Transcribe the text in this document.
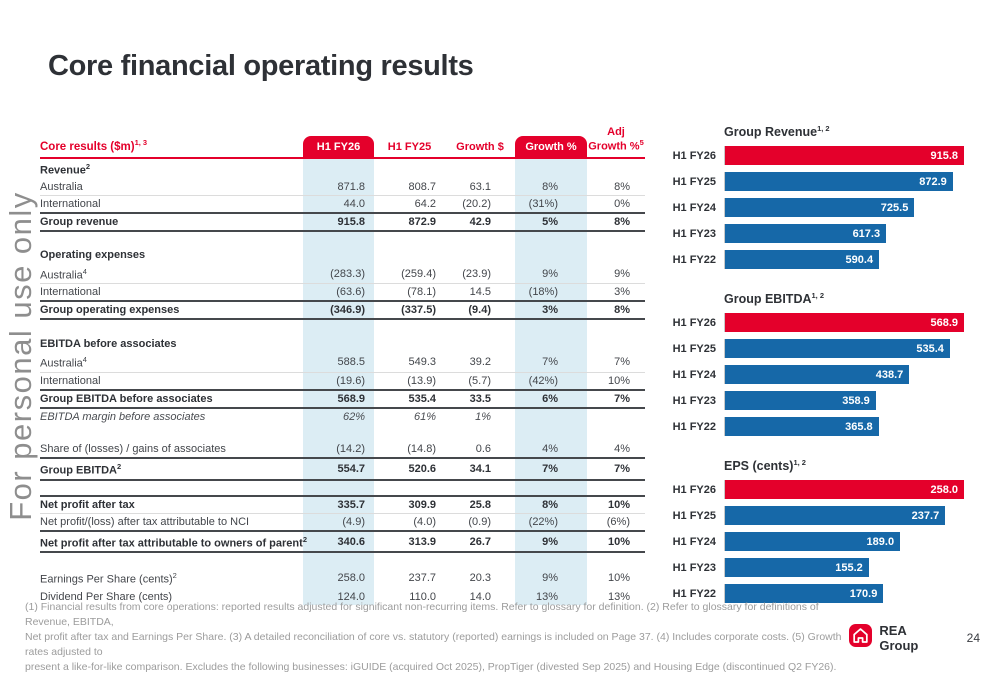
For personal use only
Core financial operating results
Core results ($m)$^{1, 3}$	H1 FY26	H1 FY25	Growth $	Growth %	Adj Growth %$^5$
Revenue$^2$					
Australia	871.8	808.7	63.1	8%	8%
International	44.0	64.2	(20.2)	(31%)	0%
Group revenue	915.8	872.9	42.9	5%	8%

Operating expenses					
Australia$^4$	(283.3)	(259.4)	(23.9)	9%	9%
International	(63.6)	(78.1)	14.5	(18%)	3%
Group operating expenses	(346.9)	(337.5)	(9.4)	3%	8%

EBITDA before associates					
Australia$^4$	588.5	549.3	39.2	7%	7%
International	(19.6)	(13.9)	(5.7)	(42%)	10%
Group EBITDA before associates	568.9	535.4	33.5	6%	7%
EBITDA margin before associates	62%	61%	1%		

Share of (losses) / gains of associates	(14.2)	(14.8)	0.6	4%	4%
Group EBITDA$^2$	554.7	520.6	34.1	7%	7%

Net profit after tax	335.7	309.9	25.8	8%	10%
Net profit/(loss) after tax attributable to NCI	(4.9)	(4.0)	(0.9)	(22%)	(6%)
Net profit after tax attributable to owners of parent$^2$	340.6	313.9	26.7	9%	10%

Earnings Per Share (cents)$^2$	258.0	237.7	20.3	9%	10%
Dividend Per Share (cents)	124.0	110.0	14.0	13%	13%
Group Revenue$^{1, 2}$
H1 FY26	915.8
H1 FY25	872.9
H1 FY24	725.5
H1 FY23	617.3
H1 FY22	590.4
Group EBITDA$^{1, 2}$
H1 FY26	568.9
H1 FY25	535.4
H1 FY24	438.7
H1 FY23	358.9
H1 FY22	365.8
EPS (cents)$^{1, 2}$
H1 FY26	258.0
H1 FY25	237.7
H1 FY24	189.0
H1 FY23	155.2
H1 FY22	170.9
(1) Financial results from core operations: reported results adjusted for significant non-recurring items. Refer to glossary for definition. (2) Refer to glossary for definitions of Revenue, EBITDA,
Net profit after tax and Earnings Per Share. (3) A detailed reconciliation of core vs. statutory (reported) earnings is included on Page 37. (4) Includes corporate costs. (5) Growth rates adjusted to
present a like-for-like comparison. Excludes the following businesses: iGUIDE (acquired Oct 2025), PropTiger (divested Sep 2025) and Housing Edge (discontinued Q2 FY26).
REA Group	24
